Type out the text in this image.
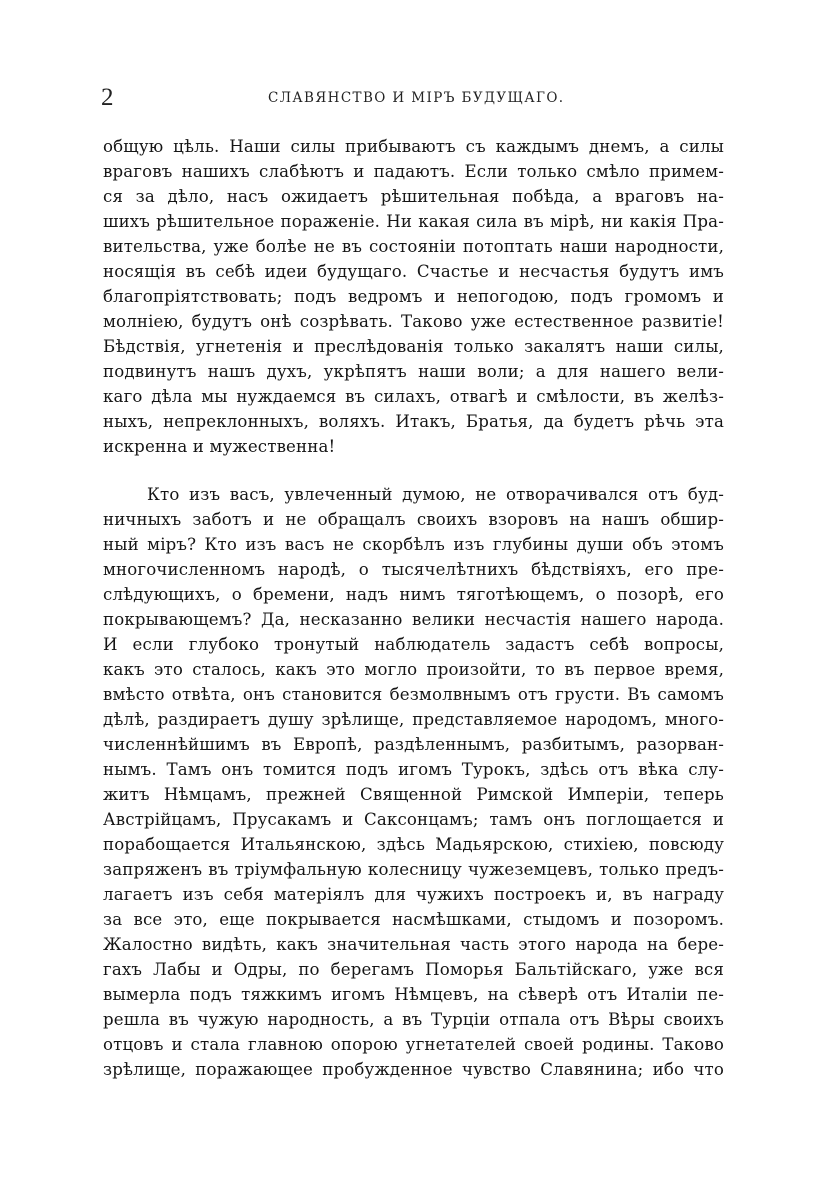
2	СЛАВЯНСТВО И МІРЪ БУДУЩАГО.
общую цѣль. Наши силы прибываютъ съ каждымъ днемъ, а силы
враговъ нашихъ слабѣютъ и падаютъ. Если только смѣло примем-
ся за дѣло, насъ ожидаетъ рѣшительная побѣда, а враговъ на-
шихъ рѣшительное пораженіе. Ни какая сила въ мірѣ, ни какія Пра-
вительства, уже болѣе не въ состояніи потоптать наши народности,
носящія въ себѣ идеи будущаго. Счастье и несчастья будутъ имъ
благопріятствовать; подъ ведромъ и непогодою, подъ громомъ и
молніею, будутъ онѣ созрѣвать. Таково уже естественное развитіе!
Бѣдствія, угнетенія и преслѣдованія только закалятъ наши силы,
подвинутъ нашъ духъ, укрѣпятъ наши воли; а для нашего вели-
каго дѣла мы нуждаемся въ силахъ, отвагѣ и смѣлости, въ желѣз-
ныхъ, непреклонныхъ, воляхъ. Итакъ, Братья, да будетъ рѣчь эта
искренна и мужественна!
Кто изъ васъ, увлеченный думою, не отворачивался отъ буд-
ничныхъ заботъ и не обращалъ своихъ взоровъ на нашъ обшир-
ный міръ? Кто изъ васъ не скорбѣлъ изъ глубины души объ этомъ
многочисленномъ народѣ, о тысячелѣтнихъ бѣдствіяхъ, его пре-
слѣдующихъ, о бремени, надъ нимъ тяготѣющемъ, о позорѣ, его
покрывающемъ? Да, несказанно велики несчастія нашего народа.
И если глубоко тронутый наблюдатель задастъ себѣ вопросы,
какъ это сталось, какъ это могло произойти, то въ первое время,
вмѣсто отвѣта, онъ становится безмолвнымъ отъ грусти. Въ самомъ
дѣлѣ, раздираетъ душу зрѣлище, представляемое народомъ, много-
численнѣйшимъ въ Европѣ, раздѣленнымъ, разбитымъ, разорван-
нымъ. Тамъ онъ томится подъ игомъ Турокъ, здѣсь отъ вѣка слу-
житъ Нѣмцамъ, прежней Священной Римской Имперіи, теперь
Австрійцамъ, Прусакамъ и Саксонцамъ; тамъ онъ поглощается и
порабощается Итальянскою, здѣсь Мадьярскою, стихіею, повсюду
запряженъ въ тріумфальную колесницу чужеземцевъ, только предъ-
лагаетъ изъ себя матеріялъ для чужихъ построекъ и, въ награду
за все это, еще покрывается насмѣшками, стыдомъ и позоромъ.
Жалостно видѣть, какъ значительная часть этого народа на бере-
гахъ Лабы и Одры, по берегамъ Поморья Бальтійскаго, уже вся
вымерла подъ тяжкимъ игомъ Нѣмцевъ, на сѣверѣ отъ Италіи пе-
решла въ чужую народность, а въ Турціи отпала отъ Вѣры своихъ
отцовъ и стала главною опорою угнетателей своей родины. Таково
зрѣлище, поражающее пробужденное чувство Славянина; ибо что
